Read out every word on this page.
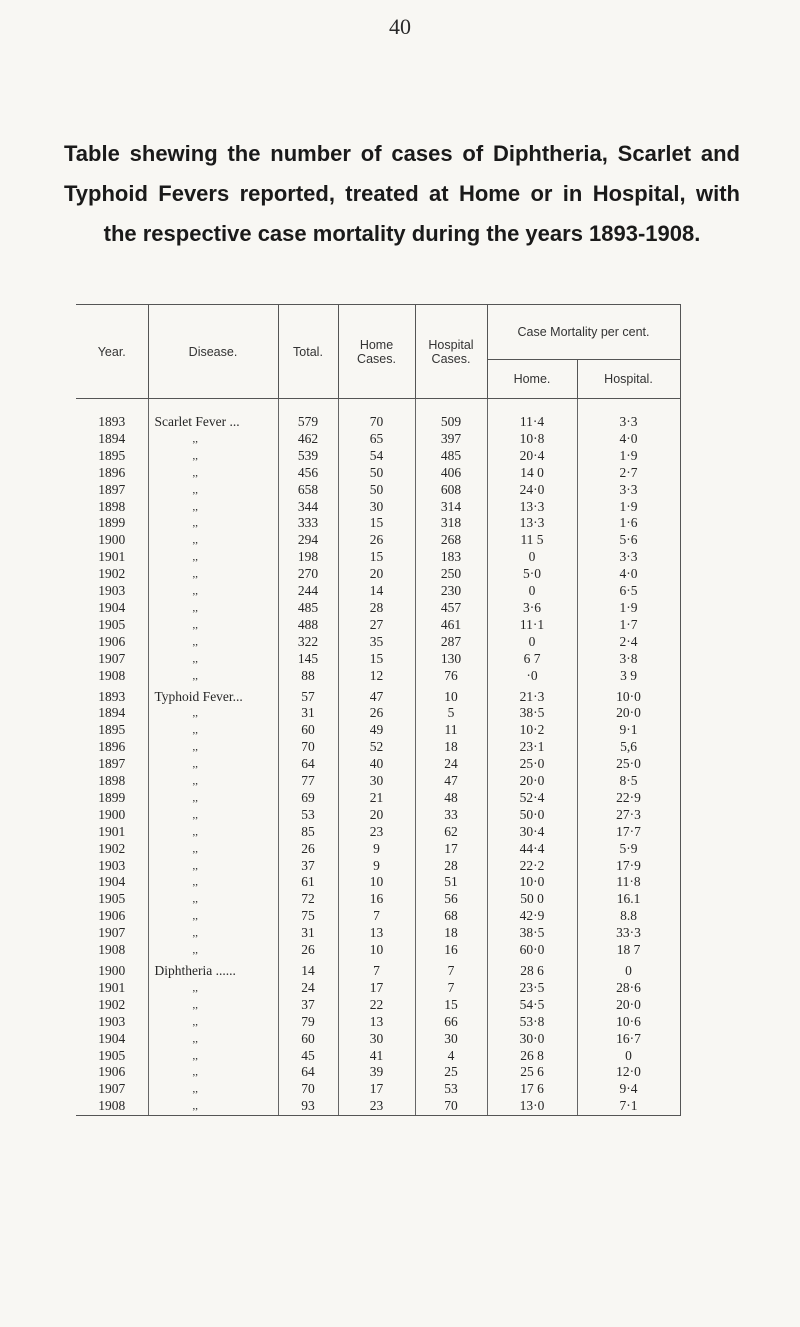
40

Table shewing the number of cases of Diphtheria, Scarlet and Typhoid Fevers reported, treated at Home or in Hospital, with the respective case mortality during the years 1893-1908.

Year.	Disease.	Total.	Home Cases.	Hospital Cases.	Case Mortality per cent.	
					Home.	Hospital.

1893	Scarlet Fever ...	579	70	509	11·4	3·3
1894	,,	462	65	397	10·8	4·0
1895	,,	539	54	485	20·4	1·9
1896	,,	456	50	406	14 0	2·7
1897	,,	658	50	608	24·0	3·3
1898	,,	344	30	314	13·3	1·9
1899	,,	333	15	318	13·3	1·6
1900	,,	294	26	268	11 5	5·6
1901	,,	198	15	183	0	3·3
1902	,,	270	20	250	5·0	4·0
1903	,,	244	14	230	0	6·5
1904	,,	485	28	457	3·6	1·9
1905	,,	488	27	461	11·1	1·7
1906	,,	322	35	287	0	2·4
1907	,,	145	15	130	6 7	3·8
1908	,,	88	12	76	·0	3 9
1893	Typhoid Fever...	57	47	10	21·3	10·0
1894	,,	31	26	5	38·5	20·0
1895	,,	60	49	11	10·2	9·1
1896	,,	70	52	18	23·1	5,6
1897	,,	64	40	24	25·0	25·0
1898	,,	77	30	47	20·0	8·5
1899	,,	69	21	48	52·4	22·9
1900	,,	53	20	33	50·0	27·3
1901	,,	85	23	62	30·4	17·7
1902	,,	26	9	17	44·4	5·9
1903	,,	37	9	28	22·2	17·9
1904	,,	61	10	51	10·0	11·8
1905	,,	72	16	56	50 0	16.1
1906	,,	75	7	68	42·9	8.8
1907	,,	31	13	18	38·5	33·3
1908	,,	26	10	16	60·0	18 7
1900	Diphtheria ......	14	7	7	28 6	0
1901	,,	24	17	7	23·5	28·6
1902	,,	37	22	15	54·5	20·0
1903	,,	79	13	66	53·8	10·6
1904	,,	60	30	30	30·0	16·7
1905	,,	45	41	4	26 8	0
1906	,,	64	39	25	25 6	12·0
1907	,,	70	17	53	17 6	9·4
1908	,,	93	23	70	13·0	7·1
